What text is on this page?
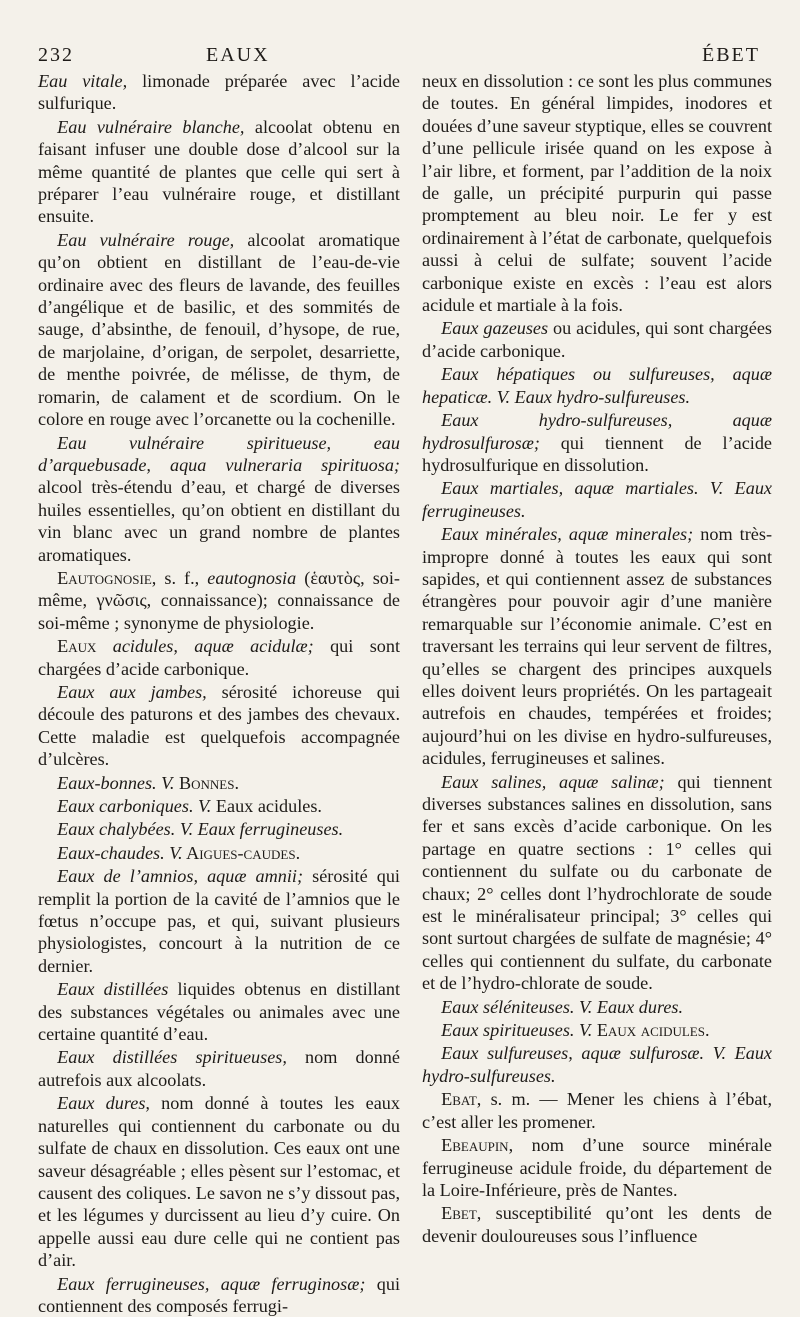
232	EAUX	ÉBET

Eau vitale, limonade préparée avec l’acide sulfurique.

Eau vulnéraire blanche, alcoolat obtenu en faisant infuser une double dose d’alcool sur la même quantité de plantes que celle qui sert à préparer l’eau vulnéraire rouge, et distillant ensuite.

Eau vulnéraire rouge, alcoolat aromatique qu’on obtient en distillant de l’eau-de-vie ordinaire avec des fleurs de lavande, des feuilles d’angélique et de basilic, et des sommités de sauge, d’absinthe, de fenouil, d’hysope, de rue, de marjolaine, d’origan, de serpolet, desarriette, de menthe poivrée, de mélisse, de thym, de romarin, de calament et de scordium. On le colore en rouge avec l’orcanette ou la cochenille.

Eau vulnéraire spiritueuse, eau d’arquebusade, aqua vulneraria spirituosa; alcool très-étendu d’eau, et chargé de diverses huiles essentielles, qu’on obtient en distillant du vin blanc avec un grand nombre de plantes aromatiques.

Eautognosie, s. f., eautognosia (ἑαυτὸς, soi-même, γνῶσις, connaissance); connaissance de soi-même ; synonyme de physiologie.

Eaux acidules, aquæ acidulæ; qui sont chargées d’acide carbonique.

Eaux aux jambes, sérosité ichoreuse qui découle des paturons et des jambes des chevaux. Cette maladie est quelquefois accompagnée d’ulcères.

Eaux-bonnes. V. Bonnes.

Eaux carboniques. V. Eaux acidules.

Eaux chalybées. V. Eaux ferrugineuses.

Eaux-chaudes. V. Aigues-caudes.

Eaux de l’amnios, aquæ amnii; sérosité qui remplit la portion de la cavité de l’amnios que le fœtus n’occupe pas, et qui, suivant plusieurs physiologistes, concourt à la nutrition de ce dernier.

Eaux distillées liquides obtenus en distillant des substances végétales ou animales avec une certaine quantité d’eau.

Eaux distillées spiritueuses, nom donné autrefois aux alcoolats.

Eaux dures, nom donné à toutes les eaux naturelles qui contiennent du carbonate ou du sulfate de chaux en dissolution. Ces eaux ont une saveur désagréable ; elles pèsent sur l’estomac, et causent des coliques. Le savon ne s’y dissout pas, et les légumes y durcissent au lieu d’y cuire. On appelle aussi eau dure celle qui ne contient pas d’air.

Eaux ferrugineuses, aquæ ferruginosæ; qui contiennent des composés ferrugi-

neux en dissolution : ce sont les plus communes de toutes. En général limpides, inodores et douées d’une saveur styptique, elles se couvrent d’une pellicule irisée quand on les expose à l’air libre, et forment, par l’addition de la noix de galle, un précipité purpurin qui passe promptement au bleu noir. Le fer y est ordinairement à l’état de carbonate, quelquefois aussi à celui de sulfate; souvent l’acide carbonique existe en excès : l’eau est alors acidule et martiale à la fois.

Eaux gazeuses ou acidules, qui sont chargées d’acide carbonique.

Eaux hépatiques ou sulfureuses, aquæ hepaticæ. V. Eaux hydro-sulfureuses.

Eaux hydro-sulfureuses, aquæ hydrosulfurosæ; qui tiennent de l’acide hydrosulfurique en dissolution.

Eaux martiales, aquæ martiales. V. Eaux ferrugineuses.

Eaux minérales, aquæ minerales; nom très-impropre donné à toutes les eaux qui sont sapides, et qui contiennent assez de substances étrangères pour pouvoir agir d’une manière remarquable sur l’économie animale. C’est en traversant les terrains qui leur servent de filtres, qu’elles se chargent des principes auxquels elles doivent leurs propriétés. On les partageait autrefois en chaudes, tempérées et froides; aujourd’hui on les divise en hydro-sulfureuses, acidules, ferrugineuses et salines.

Eaux salines, aquæ salinæ; qui tiennent diverses substances salines en dissolution, sans fer et sans excès d’acide carbonique. On les partage en quatre sections : 1° celles qui contiennent du sulfate ou du carbonate de chaux; 2° celles dont l’hydrochlorate de soude est le minéralisateur principal; 3° celles qui sont surtout chargées de sulfate de magnésie; 4° celles qui contiennent du sulfate, du carbonate et de l’hydro-chlorate de soude.

Eaux séléniteuses. V. Eaux dures.

Eaux spiritueuses. V. Eaux acidules.

Eaux sulfureuses, aquæ sulfurosæ. V. Eaux hydro-sulfureuses.

Ebat, s. m. — Mener les chiens à l’ébat, c’est aller les promener.

Ebeaupin, nom d’une source minérale ferrugineuse acidule froide, du département de la Loire-Inférieure, près de Nantes.

Ebet, susceptibilité qu’ont les dents de devenir douloureuses sous l’influence
